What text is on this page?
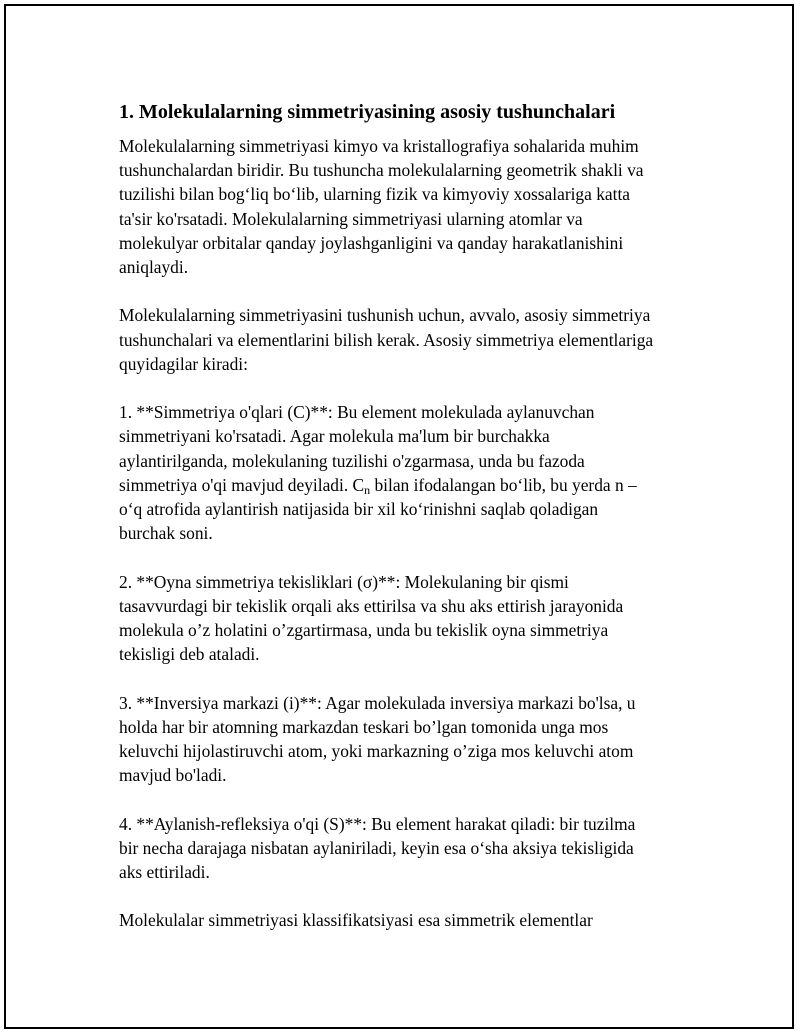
1. Molekulalarning simmetriyasining asosiy tushunchalari

Molekulalarning simmetriyasi kimyo va kristallografiya sohalarida muhim
tushunchalardan biridir. Bu tushuncha molekulalarning geometrik shakli va
tuzilishi bilan bog‘liq bo‘lib, ularning fizik va kimyoviy xossalariga katta
ta'sir ko'rsatadi. Molekulalarning simmetriyasi ularning atomlar va
molekulyar orbitalar qanday joylashganligini va qanday harakatlanishini
aniqlaydi.

Molekulalarning simmetriyasini tushunish uchun, avvalo, asosiy simmetriya
tushunchalari va elementlarini bilish kerak. Asosiy simmetriya elementlariga
quyidagilar kiradi:

1. **Simmetriya o'qlari (C)**: Bu element molekulada aylanuvchan
simmetriyani ko'rsatadi. Agar molekula ma'lum bir burchakka
aylantirilganda, molekulaning tuzilishi o'zgarmasa, unda bu fazoda
simmetriya o'qi mavjud deyiladi. $C_n$ bilan ifodalangan bo‘lib, bu yerda n –
o‘q atrofida aylantirish natijasida bir xil ko‘rinishni saqlab qoladigan
burchak soni.

2. **Oyna simmetriya tekisliklari (σ)**: Molekulaning bir qismi
tasavvurdagi bir tekislik orqali aks ettirilsa va shu aks ettirish jarayonida
molekula o’z holatini o’zgartirmasa, unda bu tekislik oyna simmetriya
tekisligi deb ataladi.

3. **Inversiya markazi (i)**: Agar molekulada inversiya markazi bo'lsa, u
holda har bir atomning markazdan teskari bo’lgan tomonida unga mos
keluvchi hijolastiruvchi atom, yoki markazning o’ziga mos keluvchi atom
mavjud bo'ladi.

4. **Aylanish-refleksiya o'qi (S)**: Bu element harakat qiladi: bir tuzilma
bir necha darajaga nisbatan aylaniriladi, keyin esa o‘sha aksiya tekisligida
aks ettiriladi.

Molekulalar simmetriyasi klassifikatsiyasi esa simmetrik elementlar
